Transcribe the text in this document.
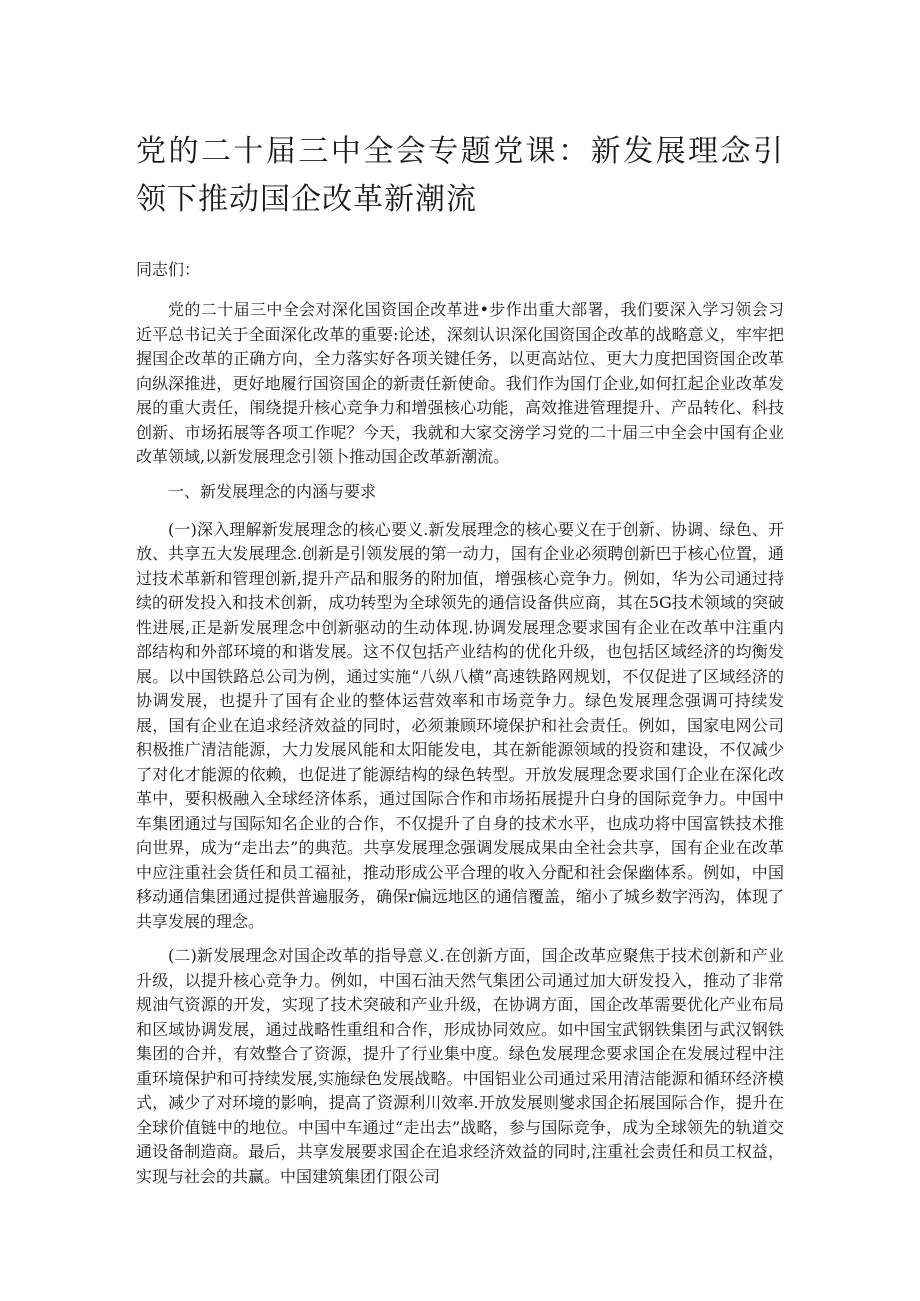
党的二十届三中全会专题党课：新发展理念引领下推动国企改革新潮流

同志们：

党的二十届三中全会对深化国资国企改革进•步作出重大部署，我们要深入学习领会习近平总书记关于全面深化改革的重要:论述，深刻认识深化国资国企改革的战略意义，牢牢把握国企改革的正确方向，全力落实好各项关键任务，以更高站位、更大力度把国资国企改革向纵深推进，更好地履行国资国企的新责任新使命。我们作为国仃企业,如何扛起企业改革发展的重大责任，闱绕提升核心竞争力和增强核心功能，高效推进管理提升、产品转化、科技创新、市场拓展等各项工作呢？今天，我就和大家交滂学习党的二十届三中全会中国有企业改革领域,以新发展理念引领卜推动国企改革新潮流。

一、新发展理念的内涵与要求

(一)深入理解新发展理念的核心要义.新发展理念的核心要义在于创新、协调、绿色、开放、共享五大发展理念.创新是引领发展的第一动力，国有企业必须聘创新巴于核心位置，通过技术革新和管理创新,提升产品和服务的附加值，增强核心竞争力。例如，华为公司通过持续的研发投入和技术创新，成功转型为全球领先的通信设备供应商，其在5G技术领域的突破性进展,正是新发展理念中创新驱动的生动体现.协调发展理念要求国有企业在改革中注重内部结构和外部环境的和谐发展。这不仅包括产业结构的优化升级，也包括区域经济的均衡发展。以中国铁路总公司为例，通过实施“八纵八横”高速铁路网规划，不仅促进了区域经济的协调发展，也提升了国有企业的整体运营效率和市场竞争力。绿色发展理念强调可持续发展，国有企业在追求经济效益的同时，必须兼顾环境保护和社会责任。例如，国家电网公司积极推广清洁能源，大力发展风能和太阳能发电，其在新能源领域的投资和建设，不仅减少了对化才能源的依赖，也促进了能源结构的绿色转型。开放发展理念要求国仃企业在深化改革中，要积极融入全球经济体系，通过国际合作和市场拓展提升白身的国际竞争力。中国中车集团通过与国际知名企业的合作，不仅提升了自身的技术水平，也成功将中国富铁技术推向世界，成为“走出去”的典范。共享发展理念强调发展成果由全社会共享，国有企业在改革中应注重社会货任和员工福祉，推动形成公平合理的收入分配和社会保幽体系。例如，中国移动通信集团通过提供普遍服务，确保r偏远地区的通信覆盖，缩小了城乡数字沔沟，体现了共享发展的理念。

(二)新发展理念对国企改革的指导意义.在创新方面，国企改革应聚焦于技术创新和产业升级，以提升核心竞争力。例如，中国石油天然气集团公司通过加大研发投入，推动了非常规油气资源的开发，实现了技术突破和产业升级，在协调方面，国企改革需要优化产业布局和区域协调发展，通过战略性重组和合作，形成协同效应。如中国宝武钢铁集团与武汉钢铁集团的合并，有效整合了资源，提升了行业集中度。绿色发展理念要求国企在发展过程中注重环境保护和可持续发展,实施绿色发展战略。中国铝业公司通过采用清洁能源和循环经济模式，减少了对环境的影响，提高了资源利川效率.开放发展则燮求国企拓展国际合作，提升在全球价值链中的地位。中国中车通过“走出去”战略，参与国际竞争，成为全球领先的轨道交通设备制造商。最后，共享发展要求国企在追求经济效益的同时,注重社会责任和员工权益，实现与社会的共赢。中国建筑集团仃限公司
